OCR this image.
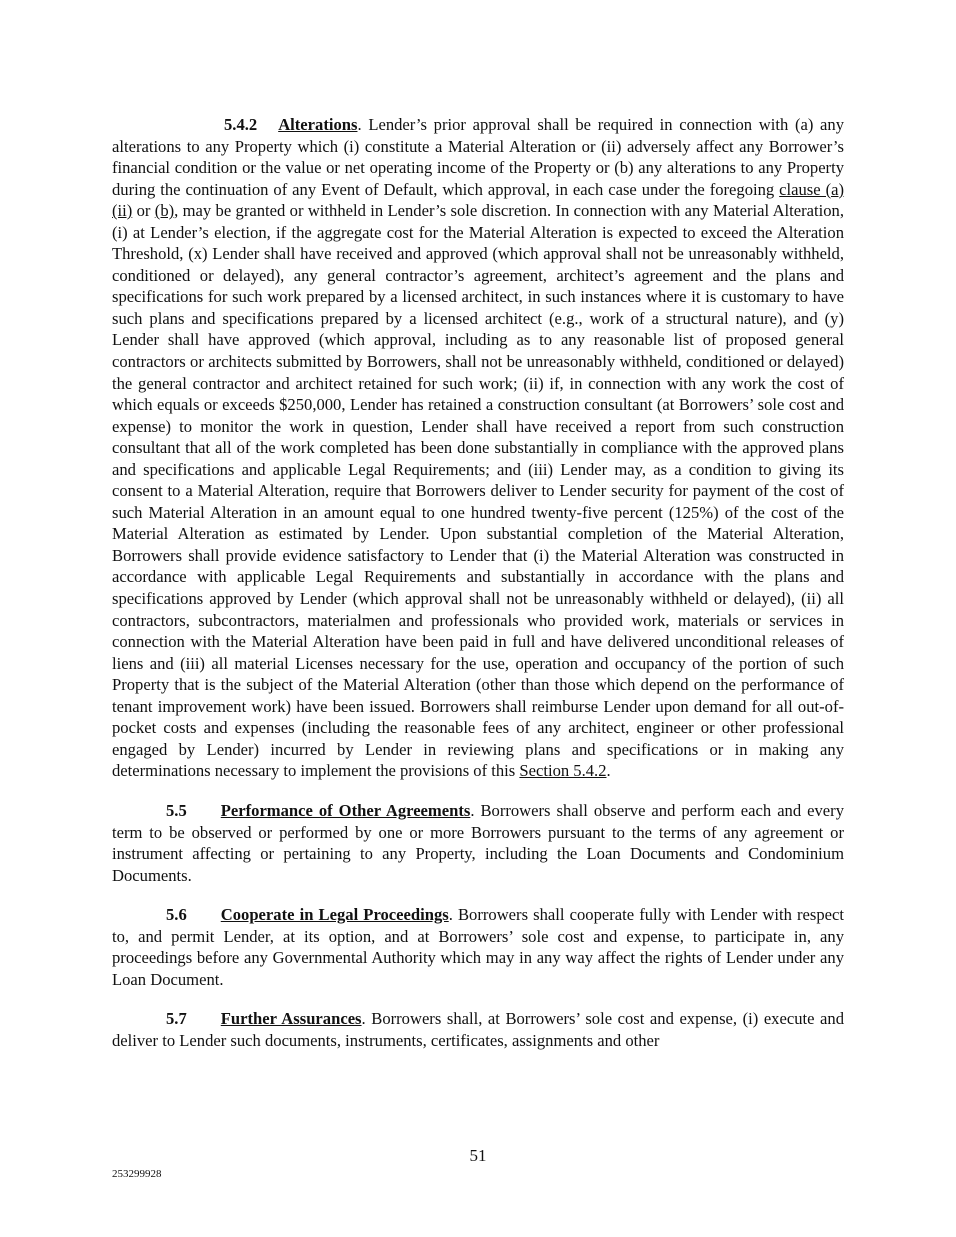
5.4.2 Alterations. Lender’s prior approval shall be required in connection with (a) any alterations to any Property which (i) constitute a Material Alteration or (ii) adversely affect any Borrower’s financial condition or the value or net operating income of the Property or (b) any alterations to any Property during the continuation of any Event of Default, which approval, in each case under the foregoing clause (a)(ii) or (b), may be granted or withheld in Lender’s sole discretion. In connection with any Material Alteration, (i) at Lender’s election, if the aggregate cost for the Material Alteration is expected to exceed the Alteration Threshold, (x) Lender shall have received and approved (which approval shall not be unreasonably withheld, conditioned or delayed), any general contractor’s agreement, architect’s agreement and the plans and specifications for such work prepared by a licensed architect, in such instances where it is customary to have such plans and specifications prepared by a licensed architect (e.g., work of a structural nature), and (y) Lender shall have approved (which approval, including as to any reasonable list of proposed general contractors or architects submitted by Borrowers, shall not be unreasonably withheld, conditioned or delayed) the general contractor and architect retained for such work; (ii) if, in connection with any work the cost of which equals or exceeds $250,000, Lender has retained a construction consultant (at Borrowers’ sole cost and expense) to monitor the work in question, Lender shall have received a report from such construction consultant that all of the work completed has been done substantially in compliance with the approved plans and specifications and applicable Legal Requirements; and (iii) Lender may, as a condition to giving its consent to a Material Alteration, require that Borrowers deliver to Lender security for payment of the cost of such Material Alteration in an amount equal to one hundred twenty-five percent (125%) of the cost of the Material Alteration as estimated by Lender. Upon substantial completion of the Material Alteration, Borrowers shall provide evidence satisfactory to Lender that (i) the Material Alteration was constructed in accordance with applicable Legal Requirements and substantially in accordance with the plans and specifications approved by Lender (which approval shall not be unreasonably withheld or delayed), (ii) all contractors, subcontractors, materialmen and professionals who provided work, materials or services in connection with the Material Alteration have been paid in full and have delivered unconditional releases of liens and (iii) all material Licenses necessary for the use, operation and occupancy of the portion of such Property that is the subject of the Material Alteration (other than those which depend on the performance of tenant improvement work) have been issued. Borrowers shall reimburse Lender upon demand for all out-of-pocket costs and expenses (including the reasonable fees of any architect, engineer or other professional engaged by Lender) incurred by Lender in reviewing plans and specifications or in making any determinations necessary to implement the provisions of this Section 5.4.2.

5.5 Performance of Other Agreements. Borrowers shall observe and perform each and every term to be observed or performed by one or more Borrowers pursuant to the terms of any agreement or instrument affecting or pertaining to any Property, including the Loan Documents and Condominium Documents.

5.6 Cooperate in Legal Proceedings. Borrowers shall cooperate fully with Lender with respect to, and permit Lender, at its option, and at Borrowers’ sole cost and expense, to participate in, any proceedings before any Governmental Authority which may in any way affect the rights of Lender under any Loan Document.

5.7 Further Assurances. Borrowers shall, at Borrowers’ sole cost and expense, (i) execute and deliver to Lender such documents, instruments, certificates, assignments and other

51
253299928
